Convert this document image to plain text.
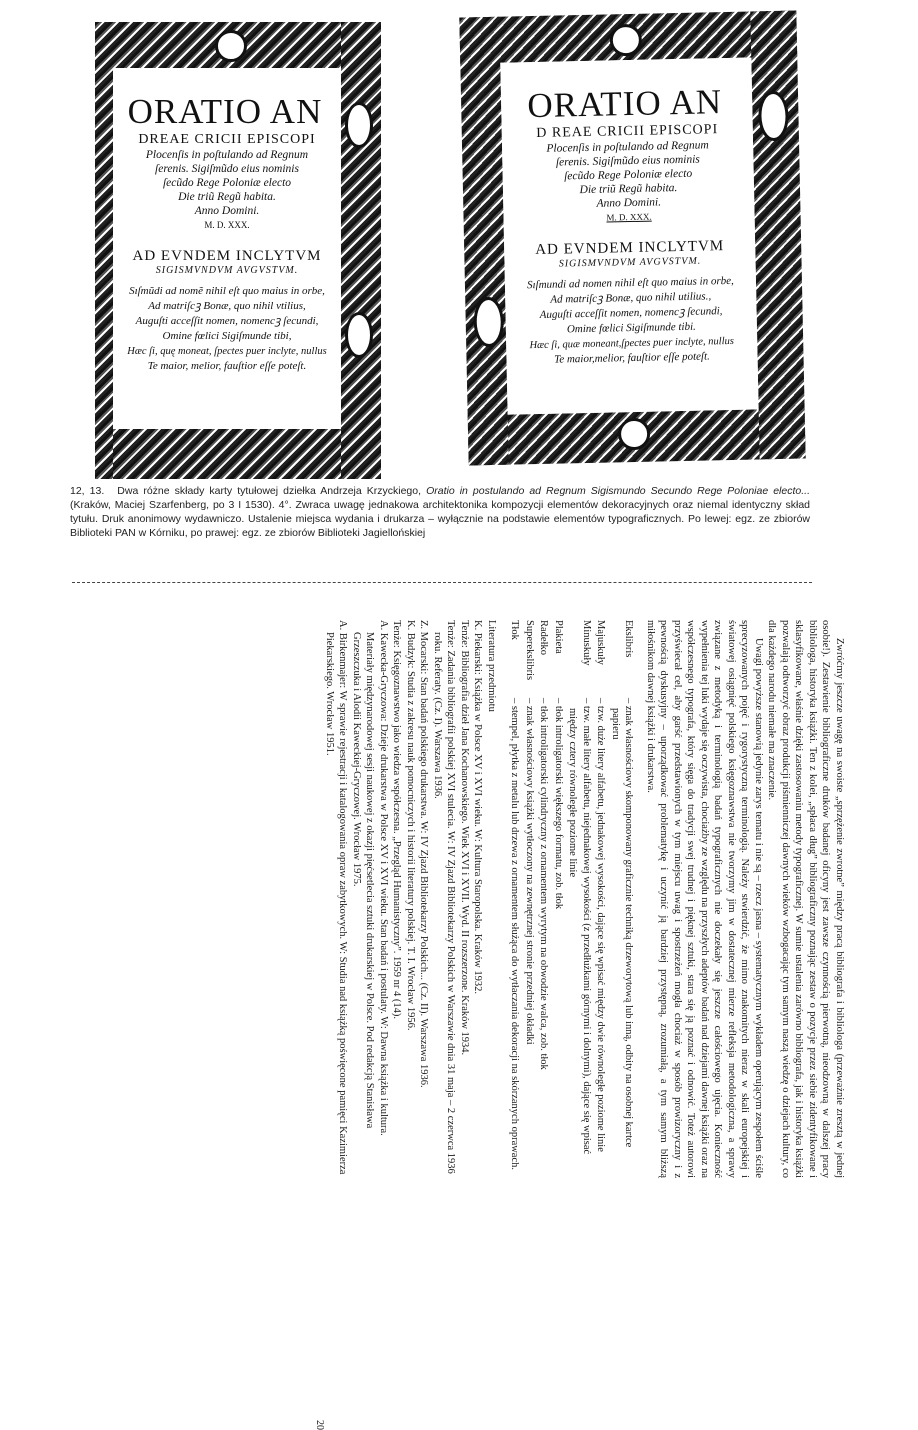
ORATIO AN
DREAE CRICII EPISCOPI
Plocenſis in poſtulando ad Regnum
ſerenis. Sigiſmũdo eius nominis
ſecũdo Rege Poloniæ electo
Die triũ Regũ habita.
Anno Domini.
M. D. XXX.
AD EVNDEM INCLYTVM
SIGISMVNDVM AVGVSTVM.
Sıſmũdi ad nomẽ nihil eſt quo maius in orbe,
Ad matriſcꝫ Bonæ, quo nihil vtilius,
Auguſti acceſſit nomen, nomencꝫ ſecundi,
Omine fœlici Sigiſmunde tibi,
Hæc ſi, quę moneat, ſpectes puer inclyte, nullus
Te maior, melior, fauſtior eſſe poteſt.
ORATIO AN
D REAE CRICII EPISCOPI
Plocenſis in poſtulando ad Regnum
ſerenis. Sigiſmũdo eius nominis
ſecũdo Rege Poloniæ electo
Die triũ Regũ habita.
Anno Domini.
M. D. XXX.
AD EVNDEM INCLYTVM
SIGISMVNDVM AVGVSTVM.
Sıſmundi ad nomen nihil eſt quo maius in orbe,
Ad matriſcꝫ Bonæ, quo nihil utilius.,
Auguſti acceſſit nomen, nomencꝫ ſecundi,
Omine fœlici Sigiſmunde tibi.
Hæc ſi, quæ moneant,ſpectes puer inclyte, nullus
Te maior,melior, fauſtior eſſe poteſt.
12, 13. Dwa różne składy karty tytułowej dziełka Andrzeja Krzyckiego, Oratio in postulando ad Regnum Sigismundo Secundo Rege Poloniae electo... (Kraków, Maciej Szarfenberg, po 3 I 1530). 4°. Zwraca uwagę jednakowa architektonika kompozycji elementów dekoracyjnych oraz niemal identyczny skład tytułu. Druk anonimowy wydawniczo. Ustalenie miejsca wydania i drukarza – wyłącznie na podstawie elementów typograficznych. Po lewej: egz. ze zbiorów Biblioteki PAN w Kórniku, po prawej: egz. ze zbiorów Biblioteki Jagiellońskiej

Zwróćmy jeszcze uwagę na swoiste „sprzężenie zwrotne” między pracą bibliografa i bibliologa (przeważnie zresztą w jednej osobie!). Zestawienie bibliograficzne druków badanej oficyny jest zawsze czynnością pierwotną, nieodzowną w dalszej pracy bibliologa, historyka książki. Ten z kolei, „spłaca dług” bibliograficzny poznając zestaw o pozycje przez siebie zidentyfikowane i sklasyfikowane, właśnie dzięki zastosowaniu metody typograficznej. W sumie ustalenia zarówno bibliografa, jak i historyka książki pozwalają odtworzyć obraz produkcji piśmienniczej dawnych wieków wzbogacając tym samym naszą wiedzę o dziejach kultury, co dla każdego narodu niemałe ma znaczenie.

Uwagi powyższe stanowią jedynie zarys tematu i nie są – rzecz jasna – systematycznym wykładem operującym zespołem ściśle sprecyzowanych pojęć i rygorystyczną terminologią. Należy stwierdzić, że mimo znakomitych nieraz w skali europejskiej i światowej osiągnięć polskiego księgoznawstwa nie tworzymy jim w dostatecznej mierze refleksja metodologiczna, a sprawy związane z metodyką i terminologią badań typograficznych nie doczekały się jeszcze całościowego ujęcia. Konieczność wypełnienia tej luki wydaje się oczywista, chociażby ze względu na przyszłych adeptów badań nad dziejami dawnej książki oraz na współczesnego typografa, który sięga do tradycji swej trudnej i pięknej sztuki, stara się ją poznać i odnowić. Toteż autorowi przyświecał cel, aby garść przedstawionych w tym miejscu uwag i spostrzeżeń mogła chociaż w sposób prowizoryczny i z pewnością dyskusyjny – uporządkować problematykę i uczynić ją bardziej przystępną, zrozumiałą, a tym samym bliższą miłośnikom dawnej książki i drukarstwa.

Ekslibris
– znak własnościowy skomponowany graficznie techniką drzeworytową lub inną, odbity na osobnej kartce papieru
Majuskuły
– tzw. duże litery alfabetu, jednakowej wysokości, dające się wpisać między dwie równoległe poziome linie
Minuskuły
– tzw. małe litery alfabetu, niejednakowej wysokości (z przedłużkami górnymi i dolnymi), dające się wpisać między cztery równoległe poziome linie
Plakieta
– tłok introligatorski większego formatu, zob. tłok
Radełko
– tłok introligatorski cylindryczny z ornamentem wyrytym na obwodzie walca, zob. tłok
Superekslibris
– znak własnościowy książki wytłoczony na zewnętrznej stronie przedniej okładki
Tłok
– stempel, płytka z metalu lub drzewa z ornamentem służąca do wytłaczania dekoracji na skórzanych oprawach.
Literatura przedmiotu
K. Piekarski: Książka w Polsce XV i XVI wieku. W: Kultura Staropolska. Kraków 1932.
Tenże: Bibliografia dzieł Jana Kochanowskiego. Wiek XVI i XVII. Wyd. II rozszerzone. Kraków 1934.
Tenże: Zadania bibliografii polskiej XVI stulecia. W: IV Zjazd Bibliotekarzy Polskich w Warszawie dnia 31 maja – 2 czerwca 1936 roku. Referaty. (Cz. I). Warszawa 1936.
Z. Mocarski: Stan badań polskiego drukarstwa. W: IV Zjazd Bibliotekarzy Polskich... (Cz. II). Warszawa 1936.
K. Budzyk: Studia z zakresu nauk pomocniczych i historii literatury polskiej. T. I. Wrocław 1956.
Tenże: Księgoznawstwo jako wiedza współczesna. „Przegląd Humanistyczny”. 1959 nr 4 (14).
A. Kawecka-Gryczowa: Dzieje drukarstwa w Polsce XV i XVI wieku. Stan badań i postulaty. W: Dawna książka i kultura. Materiały międzynarodowej sesji naukowej z okazji pięćsetlecia sztuki drukarskiej w Polsce. Pod redakcją Stanisława Grzeszczuka i Alodii Kaweckiej-Gryczowej. Wrocław 1975.
A. Birkenmajer: W sprawie rejestracji i katalogowania opraw zabytkowych. W: Studia nad książką poświęcone pamięci Kazimierza Piekarskiego. Wrocław 1951.
20
